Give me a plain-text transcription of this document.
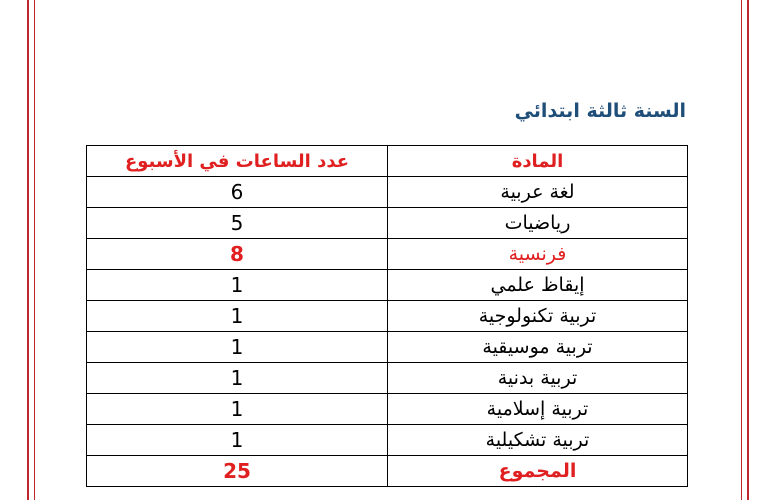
السنة ثالثة ابتدائي
المادة	عدد الساعات في الأسبوع
لغة عربية	6
رياضيات	5
فرنسية	8
إيقاظ علمي	1
تربية تكنولوجية	1
تربية موسيقية	1
تربية بدنية	1
تربية إسلامية	1
تربية تشكيلية	1
المجموع	25
